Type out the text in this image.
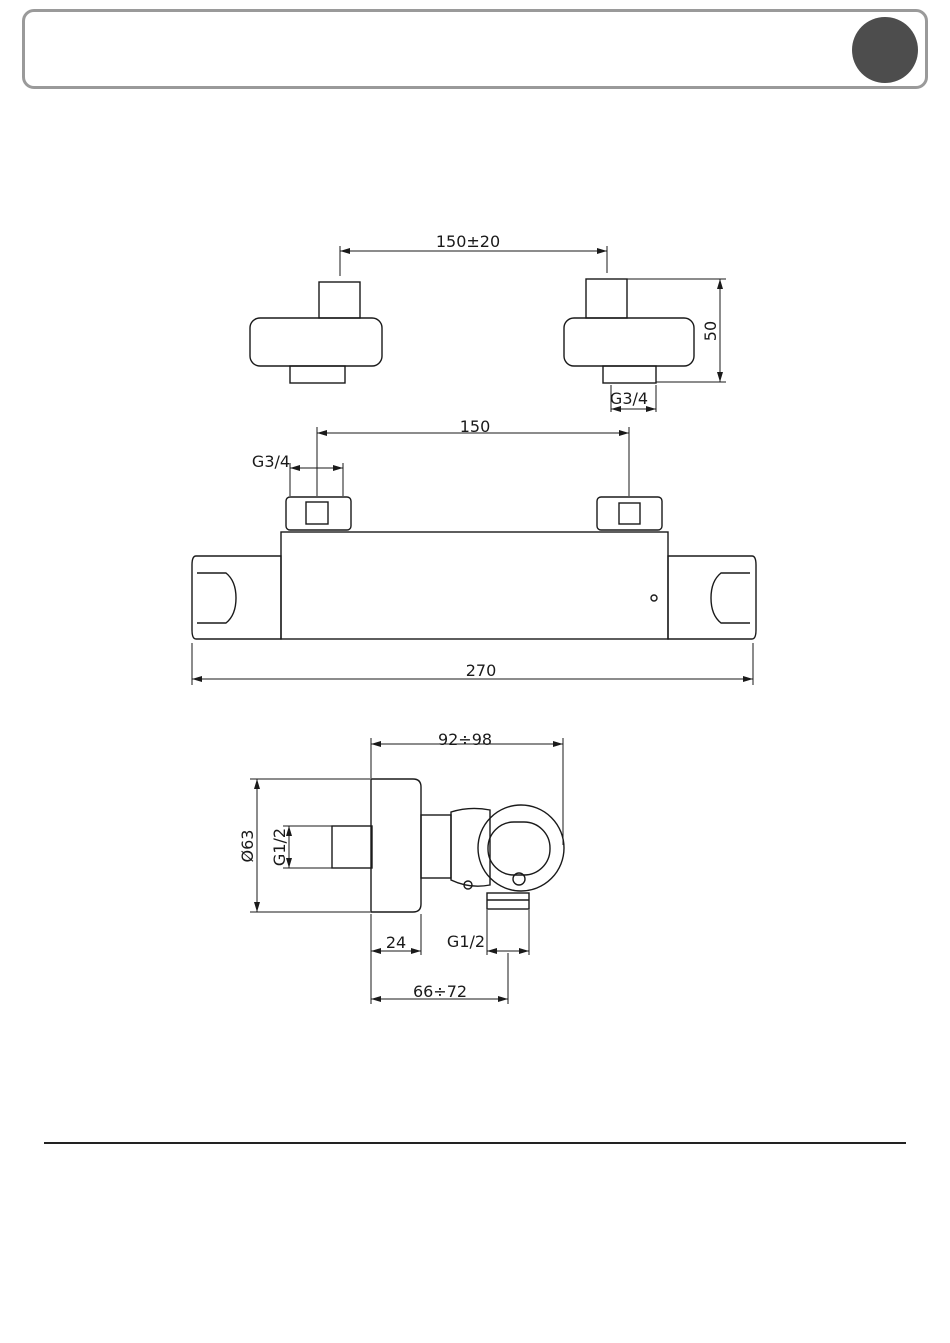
150±20
50
G3/4
150
G3/4
270
92÷98
Ø63 G1/2
24	G1/2
66÷72
